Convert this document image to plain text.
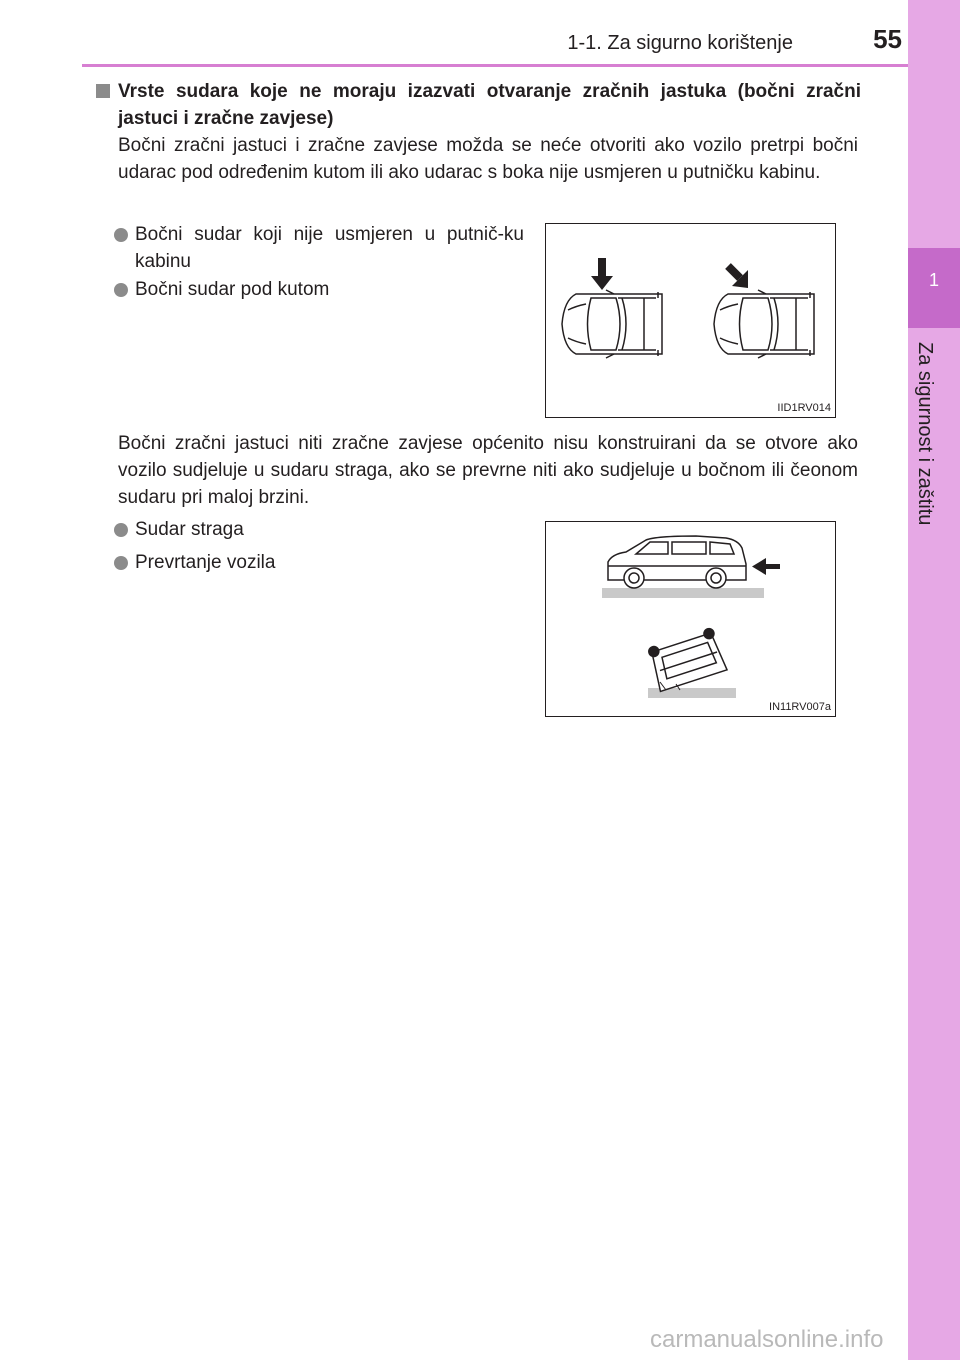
1-1. Za sigurno korištenje	55
1
Za sigurnost i zaštitu
Vrste sudara koje ne moraju izazvati otvaranje zračnih jastuka (bočni zračni jastuci i zračne zavjese)
Bočni zračni jastuci i zračne zavjese možda se neće otvoriti ako vozilo pretrpi bočni udarac pod određenim kutom ili ako udarac s boka nije usmjeren u putničku kabinu.
Bočni sudar koji nije usmjeren u putnič-ku kabinu
Bočni sudar pod kutom
IID1RV014
Bočni zračni jastuci niti zračne zavjese općenito nisu konstruirani da se otvore ako vozilo sudjeluje u sudaru straga, ako se prevrne niti ako sudjeluje u bočnom ili čeonom sudaru pri maloj brzini.
Sudar straga
Prevrtanje vozila
IN11RV007a
carmanualsonline.info
